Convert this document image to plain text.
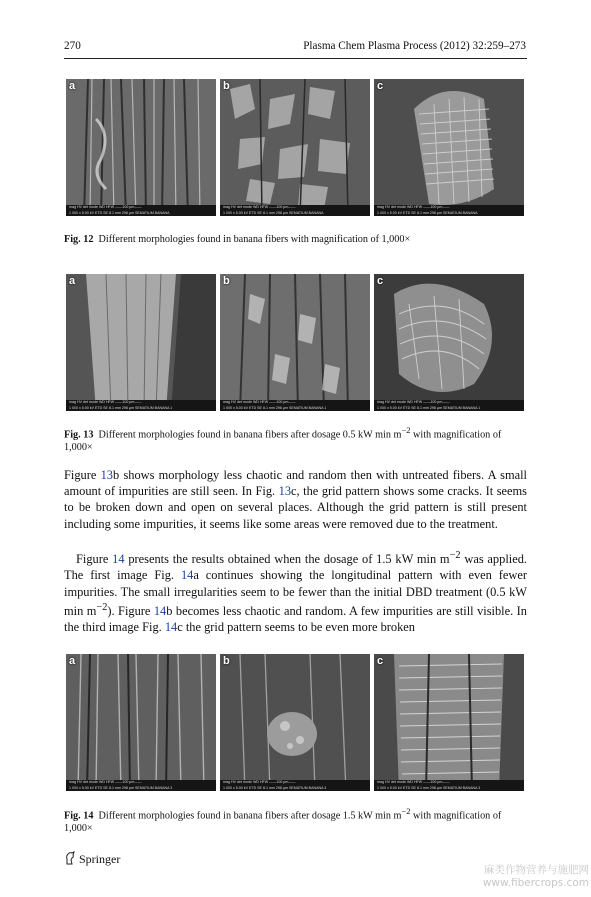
270	Plasma Chem Plasma Process (2012) 32:259–273
a
mag HV det mode WD HFW ——100 µm——
1 000 x 5.00 kV ETD SE 8.1 mm 298 µm SEMATIUM BANANA
b
mag HV det mode WD HFW ——100 µm——
1 000 x 5.00 kV ETD SE 8.1 mm 298 µm SEMATIUM BANANA
c
mag HV det mode WD HFW ——100 µm——
1 000 x 5.00 kV ETD SE 8.1 mm 298 µm SEMATIUM BANANA
Fig. 12 Different morphologies found in banana fibers with magnification of 1,000×
a
mag HV det mode WD HFW ——100 µm——
1 000 x 5.00 kV ETD SE 8.1 mm 298 µm SEMATIUM BANANA 1
b
mag HV det mode WD HFW ——100 µm——
1 000 x 5.00 kV ETD SE 8.1 mm 298 µm SEMATIUM BANANA 1
c
mag HV det mode WD HFW ——100 µm——
1 000 x 5.00 kV ETD SE 8.1 mm 298 µm SEMATIUM BANANA 1
Fig. 13 Different morphologies found in banana fibers after dosage 0.5 kW $\min m^{-2}$ with magnification of 1,000×

Figure 13b shows morphology less chaotic and random then with untreated fibers. A small amount of impurities are still seen. In Fig. 13c, the grid pattern shows some cracks. It seems to be broken down and open on several places. Although the grid pattern is still present including some impurities, it seems like some areas were removed due to the treatment.

Figure 14 presents the results obtained when the dosage of 1.5 kW $\min m^{-2}$ was applied. The first image Fig. 14a continues showing the longitudinal pattern with even fewer impurities. The small irregularities seem to be fewer than the initial DBD treatment (0.5 kW $\min m^{-2}$). Figure 14b becomes less chaotic and random. A few impurities are still visible. In the third image Fig. 14c the grid pattern seems to be even more broken

a
mag HV det mode WD HFW ——100 µm——
1 000 x 5.00 kV ETD SE 8.1 mm 298 µm SEMATIUM BANANA 3
b
mag HV det mode WD HFW ——100 µm——
1 000 x 5.00 kV ETD SE 8.1 mm 298 µm SEMATIUM BANANA 3
c
mag HV det mode WD HFW ——100 µm——
1 000 x 5.00 kV ETD SE 8.1 mm 298 µm SEMATIUM BANANA 3
Fig. 14 Different morphologies found in banana fibers after dosage 1.5 kW $\min m^{-2}$ with magnification of 1,000×
Springer
麻类作物营养与施肥网
www.fibercrops.com
